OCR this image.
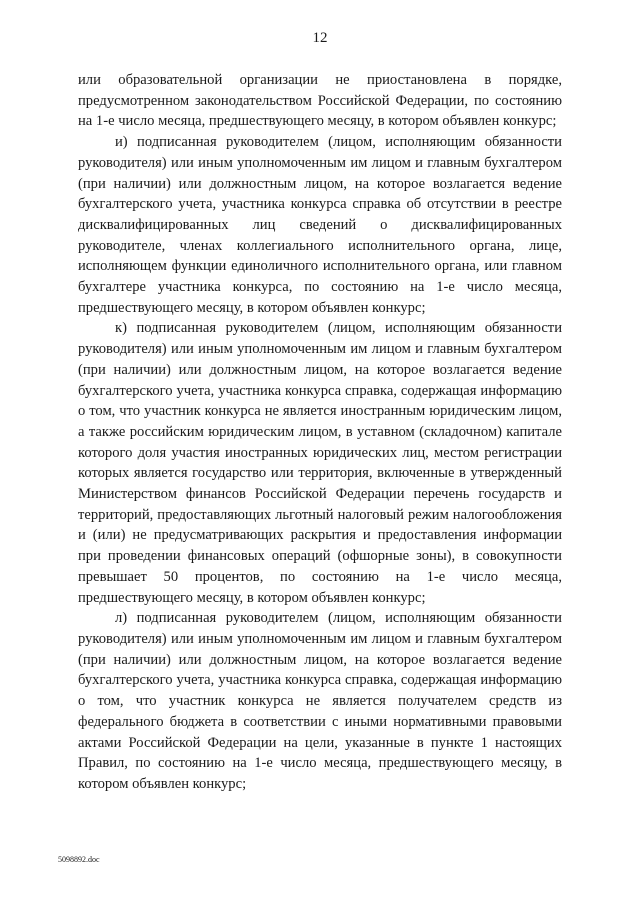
12

или образовательной организации не приостановлена в порядке, предусмотренном законодательством Российской Федерации, по состоянию на 1-е число месяца, предшествующего месяцу, в котором объявлен конкурс;

и) подписанная руководителем (лицом, исполняющим обязанности руководителя) или иным уполномоченным им лицом и главным бухгалтером (при наличии) или должностным лицом, на которое возлагается ведение бухгалтерского учета, участника конкурса справка об отсутствии в реестре дисквалифицированных лиц сведений о дисквалифицированных руководителе, членах коллегиального исполнительного органа, лице, исполняющем функции единоличного исполнительного органа, или главном бухгалтере участника конкурса, по состоянию на 1-е число месяца, предшествующего месяцу, в котором объявлен конкурс;

к) подписанная руководителем (лицом, исполняющим обязанности руководителя) или иным уполномоченным им лицом и главным бухгалтером (при наличии) или должностным лицом, на которое возлагается ведение бухгалтерского учета, участника конкурса справка, содержащая информацию о том, что участник конкурса не является иностранным юридическим лицом, а также российским юридическим лицом, в уставном (складочном) капитале которого доля участия иностранных юридических лиц, местом регистрации которых является государство или территория, включенные в утвержденный Министерством финансов Российской Федерации перечень государств и территорий, предоставляющих льготный налоговый режим налогообложения и (или) не предусматривающих раскрытия и предоставления информации при проведении финансовых операций (офшорные зоны), в совокупности превышает 50 процентов, по состоянию на 1-е число месяца, предшествующего месяцу, в котором объявлен конкурс;

л) подписанная руководителем (лицом, исполняющим обязанности руководителя) или иным уполномоченным им лицом и главным бухгалтером (при наличии) или должностным лицом, на которое возлагается ведение бухгалтерского учета, участника конкурса справка, содержащая информацию о том, что участник конкурса не является получателем средств из федерального бюджета в соответствии с иными нормативными правовыми актами Российской Федерации на цели, указанные в пункте 1 настоящих Правил, по состоянию на 1-е число месяца, предшествующего месяцу, в котором объявлен конкурс;

5098892.doc
